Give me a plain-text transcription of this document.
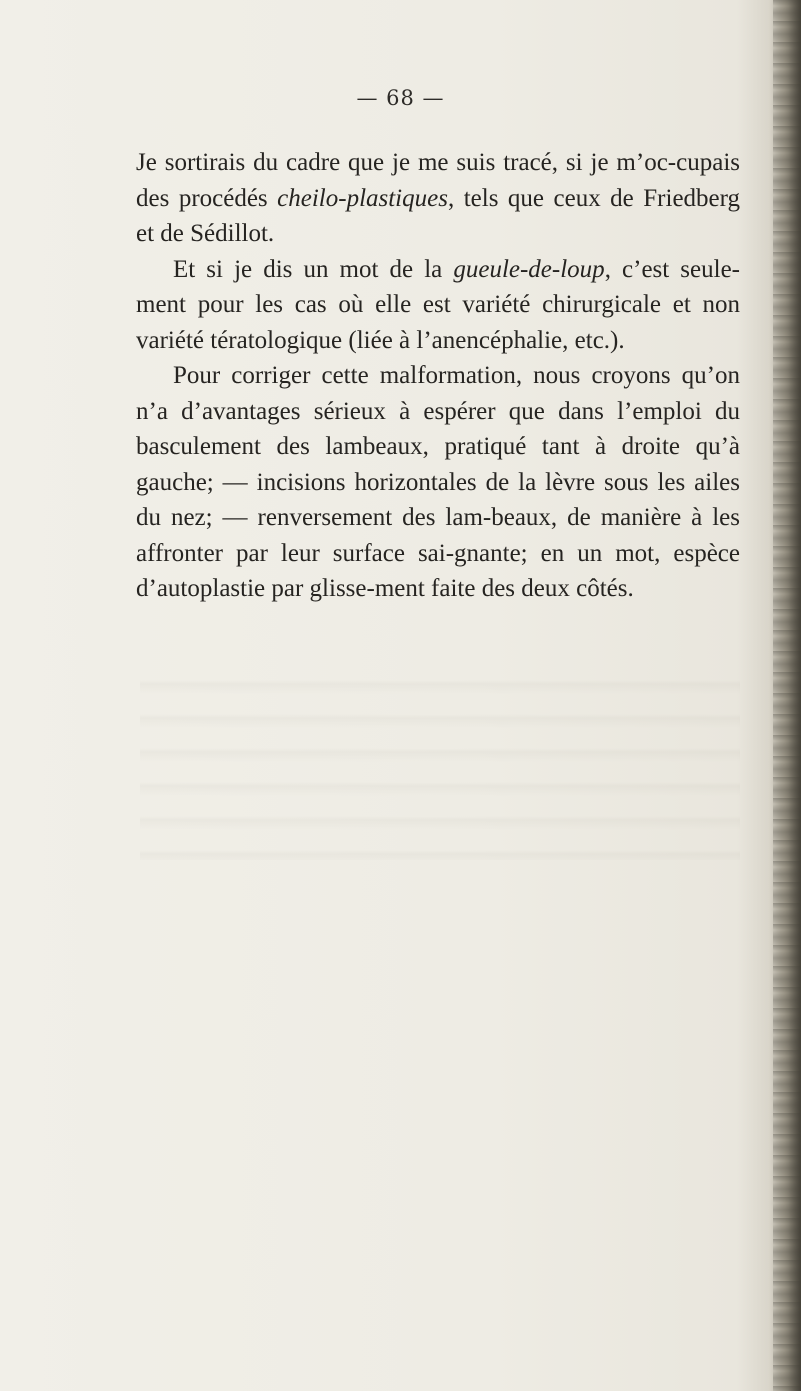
— 68 —

Je sortirais du cadre que je me suis tracé, si je m’oc-cupais des procédés cheilo-plastiques, tels que ceux de Friedberg et de Sédillot.

Et si je dis un mot de la gueule-de-loup, c’est seule-ment pour les cas où elle est variété chirurgicale et non variété tératologique (liée à l’anencéphalie, etc.).

Pour corriger cette malformation, nous croyons qu’on n’a d’avantages sérieux à espérer que dans l’emploi du basculement des lambeaux, pratiqué tant à droite qu’à gauche; — incisions horizontales de la lèvre sous les ailes du nez; — renversement des lam-beaux, de manière à les affronter par leur surface sai-gnante; en un mot, espèce d’autoplastie par glisse-ment faite des deux côtés.
